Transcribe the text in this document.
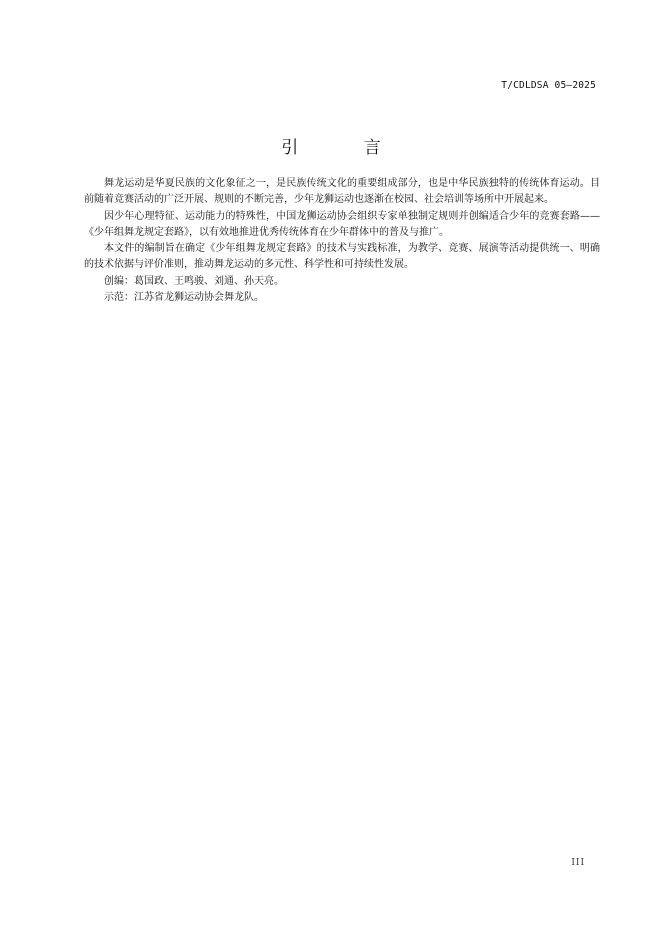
T/CDLDSA 05—2025
引 言

舞龙运动是华夏民族的文化象征之一，是民族传统文化的重要组成部分，也是中华民族独特的传统体育运动。目前随着竞赛活动的广泛开展、规则的不断完善，少年龙狮运动也逐渐在校园、社会培训等场所中开展起来。

因少年心理特征、运动能力的特殊性，中国龙狮运动协会组织专家单独制定规则并创编适合少年的竞赛套路——《少年组舞龙规定套路》，以有效地推进优秀传统体育在少年群体中的普及与推广。

本文件的编制旨在确定《少年组舞龙规定套路》的技术与实践标准，为教学、竞赛、展演等活动提供统一、明确的技术依据与评价准则，推动舞龙运动的多元性、科学性和可持续性发展。

创编：葛国政、王鸣骏、刘通、孙天亮。

示范：江苏省龙狮运动协会舞龙队。

III
